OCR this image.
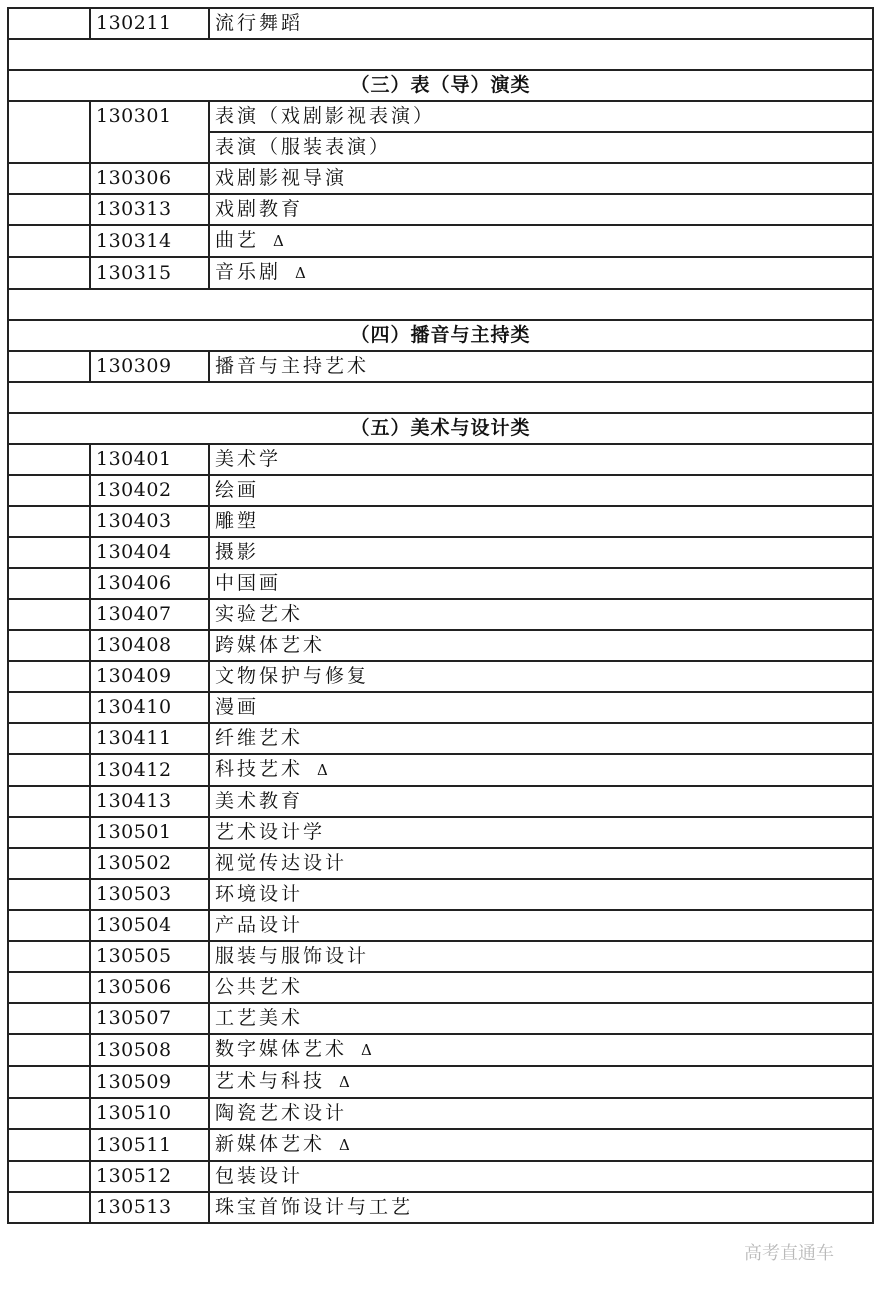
	130211	流行舞蹈

（三）表（导）演类		
	130301	表演（戏剧影视表演）
		表演（服装表演）
	130306	戏剧影视导演
	130313	戏剧教育
	130314	曲艺 Δ
	130315	音乐剧 Δ

（四）播音与主持类		
	130309	播音与主持艺术

（五）美术与设计类		
	130401	美术学
	130402	绘画
	130403	雕塑
	130404	摄影
	130406	中国画
	130407	实验艺术
	130408	跨媒体艺术
	130409	文物保护与修复
	130410	漫画
	130411	纤维艺术
	130412	科技艺术 Δ
	130413	美术教育
	130501	艺术设计学
	130502	视觉传达设计
	130503	环境设计
	130504	产品设计
	130505	服装与服饰设计
	130506	公共艺术
	130507	工艺美术
	130508	数字媒体艺术 Δ
	130509	艺术与科技 Δ
	130510	陶瓷艺术设计
	130511	新媒体艺术 Δ
	130512	包装设计
	130513	珠宝首饰设计与工艺
高考直通车
